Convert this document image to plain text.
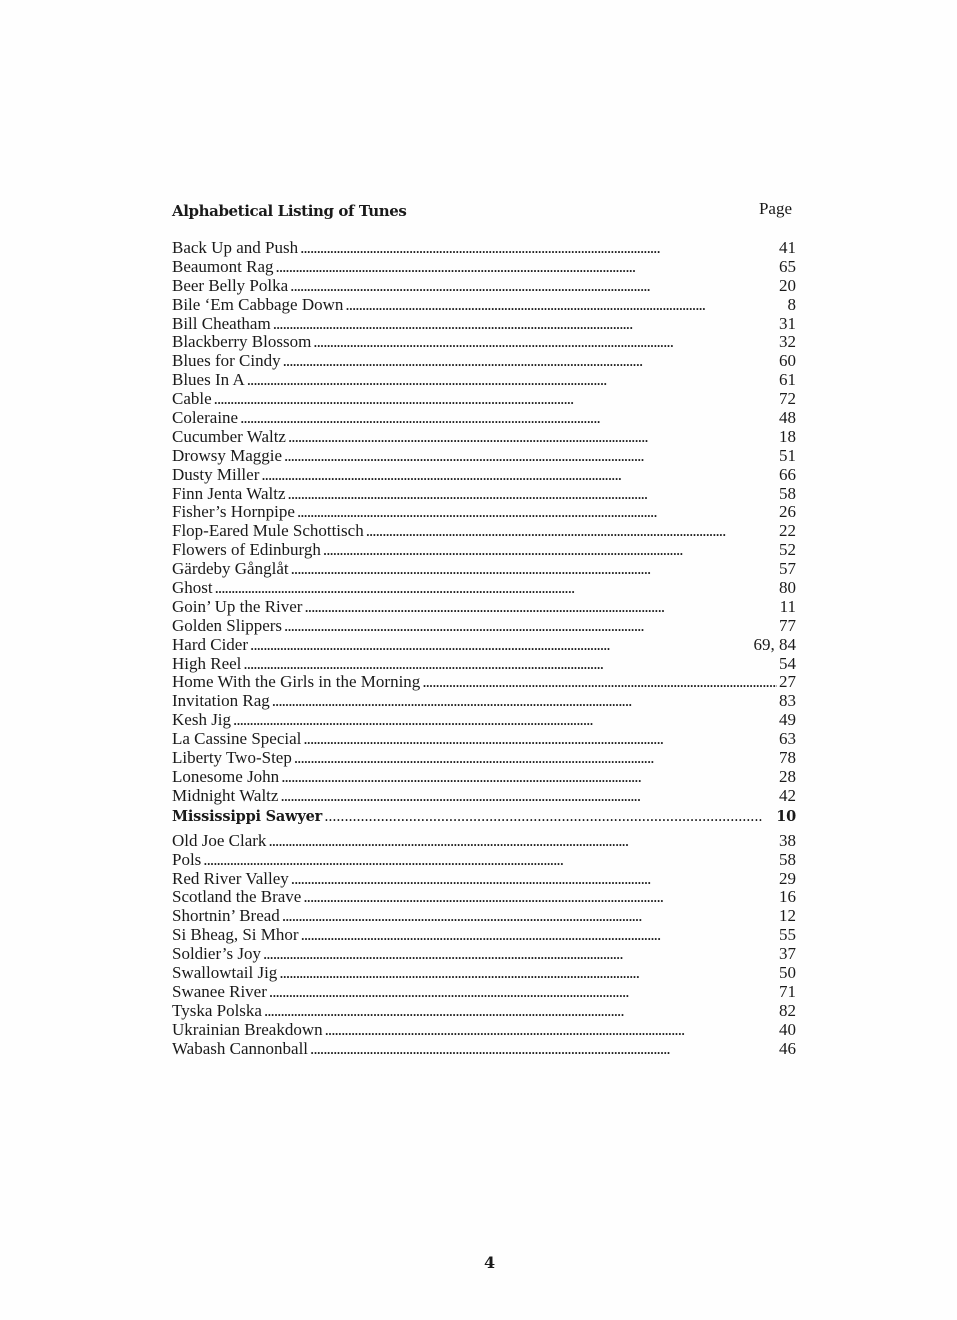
Alphabetical Listing of Tunes	Page
Back Up and Push . . .	41
Beaumont Rag . . .	65
Beer Belly Polka . . .	20
Bile ‘Em Cabbage Down . . .	8
Bill Cheatham . . .	31
Blackberry Blossom . . .	32
Blues for Cindy . . .	60
Blues In A . . .	61
Cable . . .	72
Coleraine . . .	48
Cucumber Waltz . . .	18
Drowsy Maggie . . .	51
Dusty Miller . . .	66
Finn Jenta Waltz . . .	58
Fisher’s Hornpipe . . .	26
Flop-Eared Mule Schottisch . . .	22
Flowers of Edinburgh . . .	52
Gärdeby Gånglåt . . .	57
Ghost . . .	80
Goin’ Up the River . . .	11
Golden Slippers . . .	77
Hard Cider . . .	69, 84
High Reel . . .	54
Home With the Girls in the Morning . . .	27
Invitation Rag . . .	83
Kesh Jig . . .	49
La Cassine Special . . .	63
Liberty Two-Step . . .	78
Lonesome John . . .	28
Midnight Waltz . . .	42
Mississippi Sawyer . . .	10
Old Joe Clark . . .	38
Pols . . .	58
Red River Valley . . .	29
Scotland the Brave . . .	16
Shortnin’ Bread . . .	12
Si Bheag, Si Mhor . . .	55
Soldier’s Joy . . .	37
Swallowtail Jig . . .	50
Swanee River . . .	71
Tyska Polska . . .	82
Ukrainian Breakdown . . .	40
Wabash Cannonball . . .	46
4
